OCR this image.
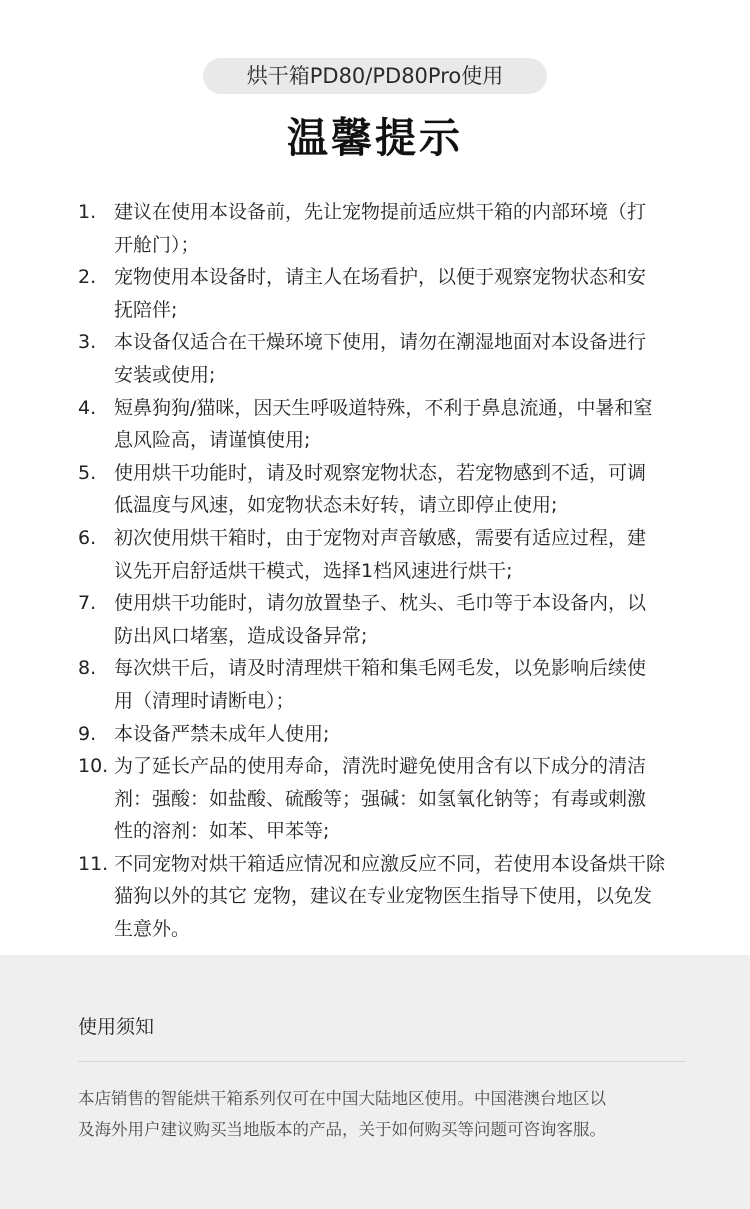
烘干箱PD80/PD80Pro使用
温馨提示
1. 建议在使用本设备前，先让宠物提前适应烘干箱的内部环境（打
开舱门）；
2. 宠物使用本设备时，请主人在场看护，以便于观察宠物状态和安
抚陪伴;
3. 本设备仅适合在干燥环境下使用，请勿在潮湿地面对本设备进行
安装或使用;
4. 短鼻狗狗/猫咪，因天生呼吸道特殊，不利于鼻息流通，中暑和窒
息风险高，请谨慎使用;
5. 使用烘干功能时，请及时观察宠物状态，若宠物感到不适，可调
低温度与风速，如宠物状态未好转，请立即停止使用;
6. 初次使用烘干箱时，由于宠物对声音敏感，需要有适应过程，建
议先开启舒适烘干模式，选择1档风速进行烘干;
7. 使用烘干功能时，请勿放置垫子、枕头、毛巾等于本设备内，以
防出风口堵塞，造成设备异常;
8. 每次烘干后，请及时清理烘干箱和集毛网毛发，以免影响后续使
用（清理时请断电）；
9. 本设备严禁未成年人使用;
10. 为了延长产品的使用寿命，清洗时避免使用含有以下成分的清洁
剂：强酸：如盐酸、硫酸等；强碱：如氢氧化钠等；有毒或刺激
性的溶剂：如苯、甲苯等;
11. 不同宠物对烘干箱适应情况和应激反应不同，若使用本设备烘干除
猫狗以外的其它 宠物，建议在专业宠物医生指导下使用，以免发
生意外。
使用须知
本店销售的智能烘干箱系列仅可在中国大陆地区使用。中国港澳台地区以
及海外用户建议购买当地版本的产品，关于如何购买等问题可咨询客服。
